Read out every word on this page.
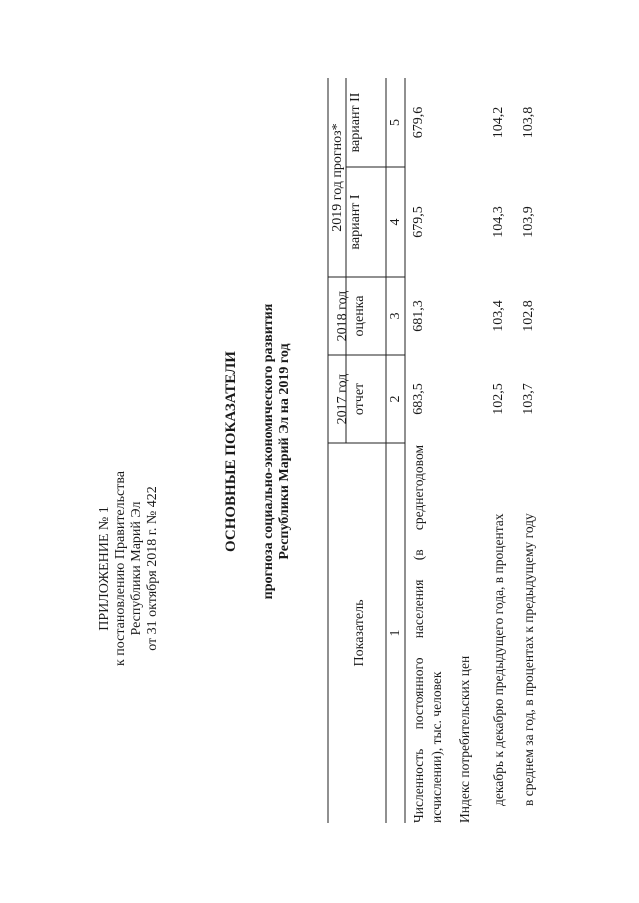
ПРИЛОЖЕНИЕ № 1 к постановлению Правительства Республики Марий Эл от 31 октября 2018 г. № 422
ОСНОВНЫЕ ПОКАЗАТЕЛИ прогноза социально-экономического развития Республики Марий Эл на 2019 год
Показатель
2017 год отчет
2018 год оценка
2019 год прогноз* вариант I
вариант II
1
2
3
4
5
Численность постоянного населения (в среднегодовом исчислении), тыс. человек
683,5
681,3
679,5
679,6
Индекс потребительских цен декабрь к декабрю предыдущего года, в процентах
102,5
103,4
104,3
104,2
в среднем за год, в процентах к предыдущему году
103,7
102,8
103,9
103,8
